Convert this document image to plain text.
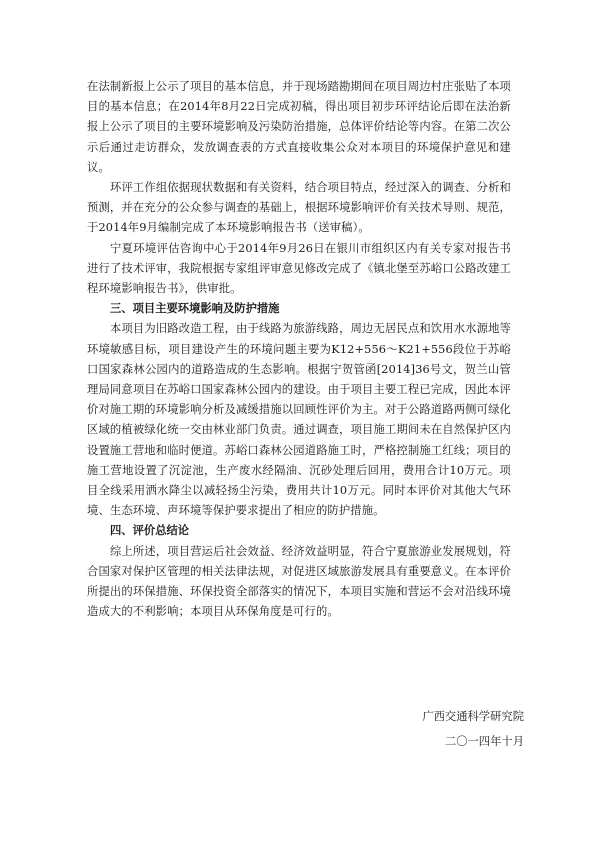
在法制新报上公示了项目的基本信息，并于现场踏勘期间在项目周边村庄张贴了本项目的基本信息；在2014年8月22日完成初稿，得出项目初步环评结论后即在法治新报上公示了项目的主要环境影响及污染防治措施，总体评价结论等内容。在第二次公示后通过走访群众，发放调查表的方式直接收集公众对本项目的环境保护意见和建议。

环评工作组依据现状数据和有关资料，结合项目特点，经过深入的调查、分析和预测，并在充分的公众参与调查的基础上，根据环境影响评价有关技术导则、规范，于2014年9月编制完成了本环境影响报告书（送审稿）。

宁夏环境评估咨询中心于2014年9月26日在银川市组织区内有关专家对报告书进行了技术评审，我院根据专家组评审意见修改完成了《镇北堡至苏峪口公路改建工程环境影响报告书》，供审批。

三、项目主要环境影响及防护措施

本项目为旧路改造工程，由于线路为旅游线路，周边无居民点和饮用水水源地等环境敏感目标，项目建设产生的环境问题主要为K12+556～K21+556段位于苏峪口国家森林公园内的道路造成的生态影响。根据宁贺管函[2014]36号文，贺兰山管理局同意项目在苏峪口国家森林公园内的建设。由于项目主要工程已完成，因此本评价对施工期的环境影响分析及减缓措施以回顾性评价为主。对于公路道路两侧可绿化区域的植被绿化统一交由林业部门负责。通过调查，项目施工期间未在自然保护区内设置施工营地和临时便道。苏峪口森林公园道路施工时，严格控制施工红线；项目的施工营地设置了沉淀池，生产废水经隔油、沉砂处理后回用，费用合计10万元。项目全线采用洒水降尘以减轻扬尘污染，费用共计10万元。同时本评价对其他大气环境、生态环境、声环境等保护要求提出了相应的防护措施。

四、评价总结论

综上所述，项目营运后社会效益、经济效益明显，符合宁夏旅游业发展规划，符合国家对保护区管理的相关法律法规，对促进区域旅游发展具有重要意义。在本评价所提出的环保措施、环保投资全部落实的情况下，本项目实施和营运不会对沿线环境造成大的不利影响；本项目从环保角度是可行的。

广西交通科学研究院
二〇一四年十月
